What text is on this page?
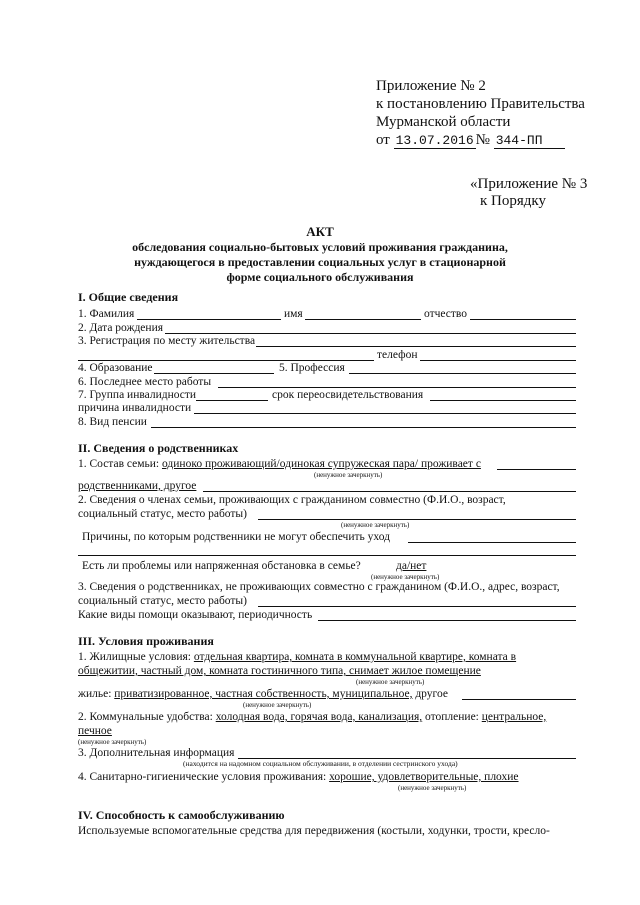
Приложение № 2
к постановлению Правительства
Мурманской области
от 13.07.2016 № 344-ПП
«Приложение № 3
к Порядку
АКТ
обследования социально-бытовых условий проживания гражданина,
нуждающегося в предоставлении социальных услуг в стационарной
форме социального обслуживания
I. Общие сведения
1. Фамилия	имя	отчество
2. Дата рождения
3. Регистрация по месту жительства
телефон
4. Образование	5. Профессия
6. Последнее место работы
7. Группа инвалидности	срок переосвидетельствования
причина инвалидности
8. Вид пенсии
II. Сведения о родственниках
1. Состав семьи: одиноко проживающий/одинокая супружеская пара/ проживает с
(ненужное зачеркнуть)
родственниками, другое
2. Сведения о членах семьи, проживающих с гражданином совместно (Ф.И.О., возраст,
социальный статус, место работы)
(ненужное зачеркнуть)
Причины, по которым родственники не могут обеспечить уход
Есть ли проблемы или напряженная обстановка в семье?	да/нет
(ненужное зачеркнуть)
3. Сведения о родственниках, не проживающих совместно с гражданином (Ф.И.О., адрес, возраст,
социальный статус, место работы)
Какие виды помощи оказывают, периодичность
III. Условия проживания
1. Жилищные условия: отдельная квартира, комната в коммунальной квартире, комната в
общежитии, частный дом, комната гостиничного типа, снимает жилое помещение
(ненужное зачеркнуть)
жилье: приватизированное, частная собственность, муниципальное, другое
(ненужное зачеркнуть)
2. Коммунальные удобства: холодная вода, горячая вода, канализация, отопление: центральное,
печное
(ненужное зачеркнуть)
3. Дополнительная информация
(находится на надомном социальном обслуживании, в отделении сестринского ухода)
4. Санитарно-гигиенические условия проживания: хорошие, удовлетворительные, плохие
(ненужное зачеркнуть)
IV. Способность к самообслуживанию
Используемые вспомогательные средства для передвижения (костыли, ходунки, трости, кресло-
